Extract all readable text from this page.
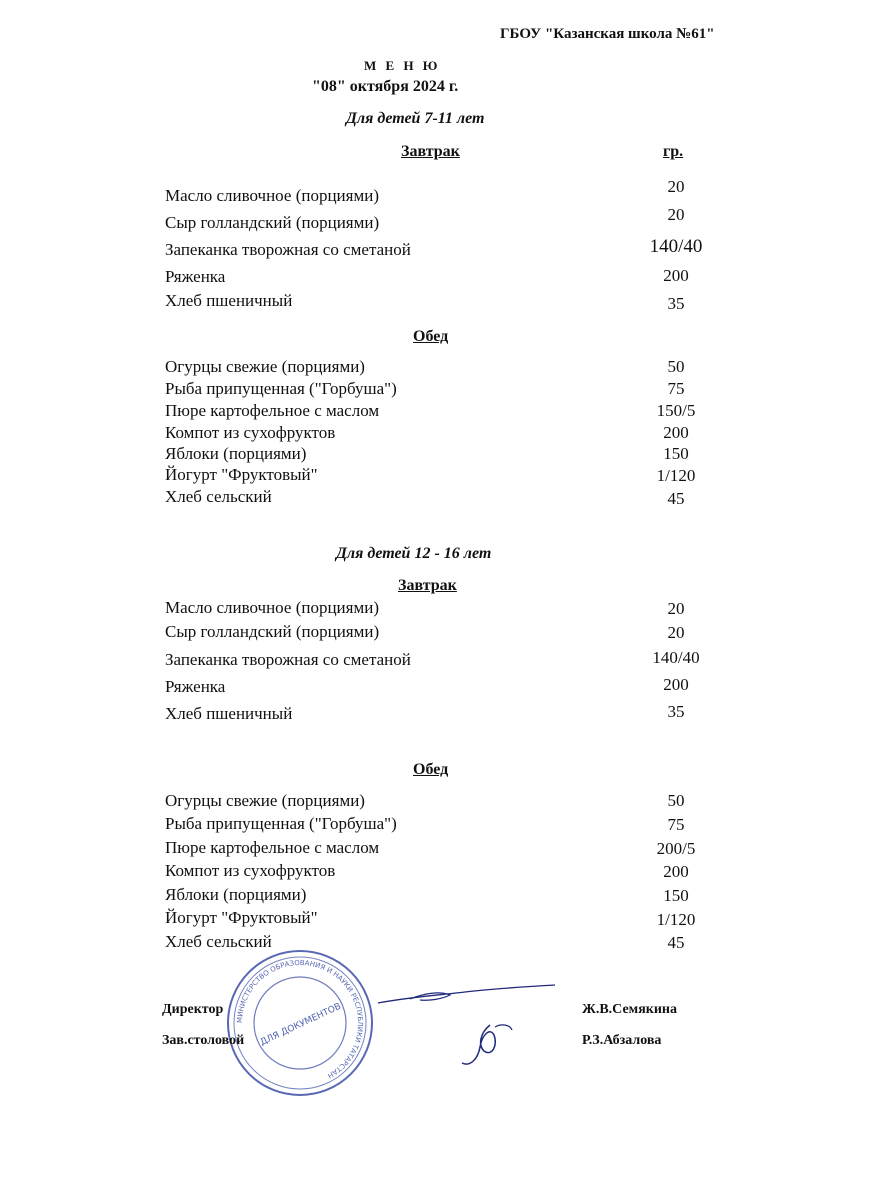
ГБОУ "Казанская школа №61"
М Е Н Ю
"08" октября 2024 г.
Для детей 7-11 лет
Завтрак	гр.
Масло сливочное (порциями)	20
Сыр голландский (порциями)	20
Запеканка творожная со сметаной	140/40
Ряженка	200
Хлеб пшеничный	35
Обед
Огурцы свежие (порциями)	50
Рыба припущенная ("Горбуша")	75
Пюре картофельное с маслом	150/5
Компот из сухофруктов	200
Яблоки (порциями)	150
Йогурт "Фруктовый"	1/120
Хлеб сельский	45
Для детей 12 - 16 лет
Завтрак
Масло сливочное (порциями)	20
Сыр голландский (порциями)	20
Запеканка творожная со сметаной	140/40
Ряженка	200
Хлеб пшеничный	35
Обед
Огурцы свежие (порциями)	50
Рыба припущенная ("Горбуша")	75
Пюре картофельное с маслом	200/5
Компот из сухофруктов	200
Яблоки (порциями)	150
Йогурт "Фруктовый"	1/120
Хлеб сельский	45
МИНИСТЕРСТВО ОБРАЗОВАНИЯ И НАУКИ РЕСПУБЛИКИ ТАТАРСТАН
ДЛЯ ДОКУМЕНТОВ
Директор	Ж.В.Семякина
Зав.столовой	Р.З.Абзалова
